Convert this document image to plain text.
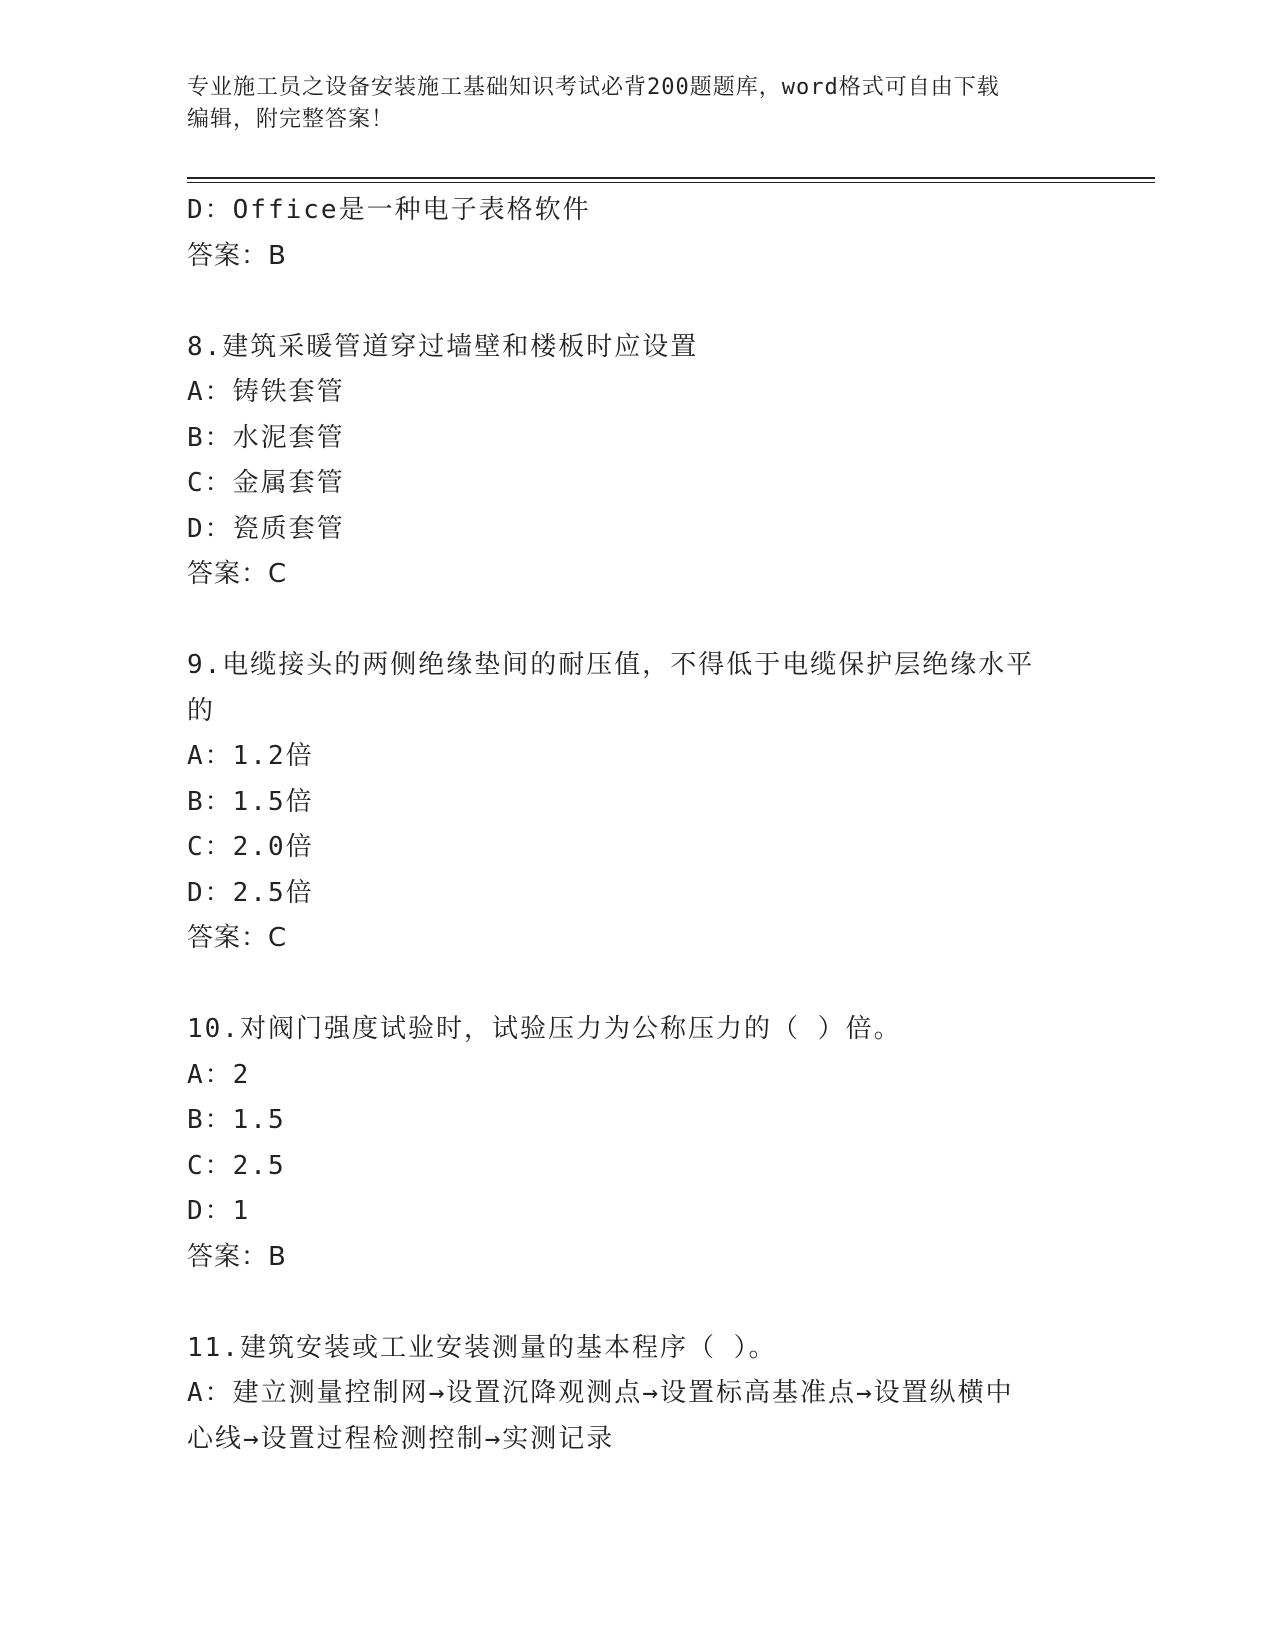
专业施工员之设备安装施工基础知识考试必背200题题库，word格式可自由下载
编辑，附完整答案！
D：Office是一种电子表格软件
答案：B
8.建筑采暖管道穿过墙壁和楼板时应设置
A：铸铁套管
B：水泥套管
C：金属套管
D：瓷质套管
答案：C
9.电缆接头的两侧绝缘垫间的耐压值，不得低于电缆保护层绝缘水平
的
A：1.2倍
B：1.5倍
C：2.0倍
D：2.5倍
答案：C
10.对阀门强度试验时，试验压力为公称压力的（ ）倍。
A：2
B：1.5
C：2.5
D：1
答案：B
11.建筑安装或工业安装测量的基本程序（ ）。
A：建立测量控制网→设置沉降观测点→设置标高基准点→设置纵横中
心线→设置过程检测控制→实测记录
